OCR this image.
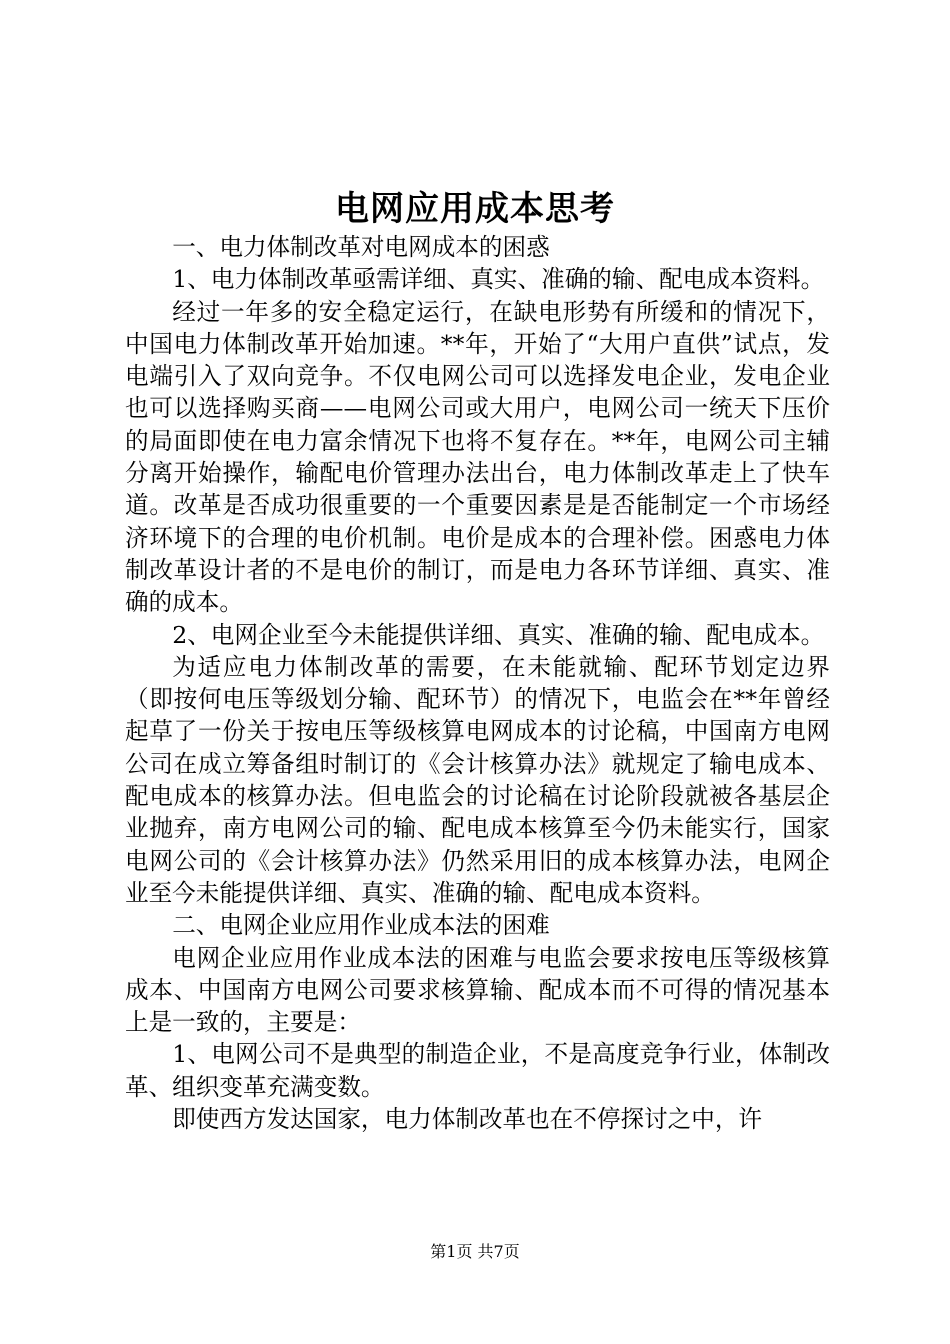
电网应用成本思考

一、电力体制改革对电网成本的困惑

1、电力体制改革亟需详细、真实、准确的输、配电成本资料。

经过一年多的安全稳定运行，在缺电形势有所缓和的情况下，中国电力体制改革开始加速。**年，开始了“大用户直供”试点，发电端引入了双向竞争。不仅电网公司可以选择发电企业，发电企业也可以选择购买商——电网公司或大用户，电网公司一统天下压价的局面即使在电力富余情况下也将不复存在。**年，电网公司主辅分离开始操作，输配电价管理办法出台，电力体制改革走上了快车道。改革是否成功很重要的一个重要因素是是否能制定一个市场经济环境下的合理的电价机制。电价是成本的合理补偿。困惑电力体制改革设计者的不是电价的制订，而是电力各环节详细、真实、准确的成本。

2、电网企业至今未能提供详细、真实、准确的输、配电成本。

为适应电力体制改革的需要，在未能就输、配环节划定边界（即按何电压等级划分输、配环节）的情况下，电监会在**年曾经起草了一份关于按电压等级核算电网成本的讨论稿，中国南方电网公司在成立筹备组时制订的《会计核算办法》就规定了输电成本、配电成本的核算办法。但电监会的讨论稿在讨论阶段就被各基层企业抛弃，南方电网公司的输、配电成本核算至今仍未能实行，国家电网公司的《会计核算办法》仍然采用旧的成本核算办法，电网企业至今未能提供详细、真实、准确的输、配电成本资料。

二、电网企业应用作业成本法的困难

电网企业应用作业成本法的困难与电监会要求按电压等级核算成本、中国南方电网公司要求核算输、配成本而不可得的情况基本上是一致的，主要是：

1、电网公司不是典型的制造企业，不是高度竞争行业，体制改革、组织变革充满变数。

即使西方发达国家，电力体制改革也在不停探讨之中，许

第1页 共7页
